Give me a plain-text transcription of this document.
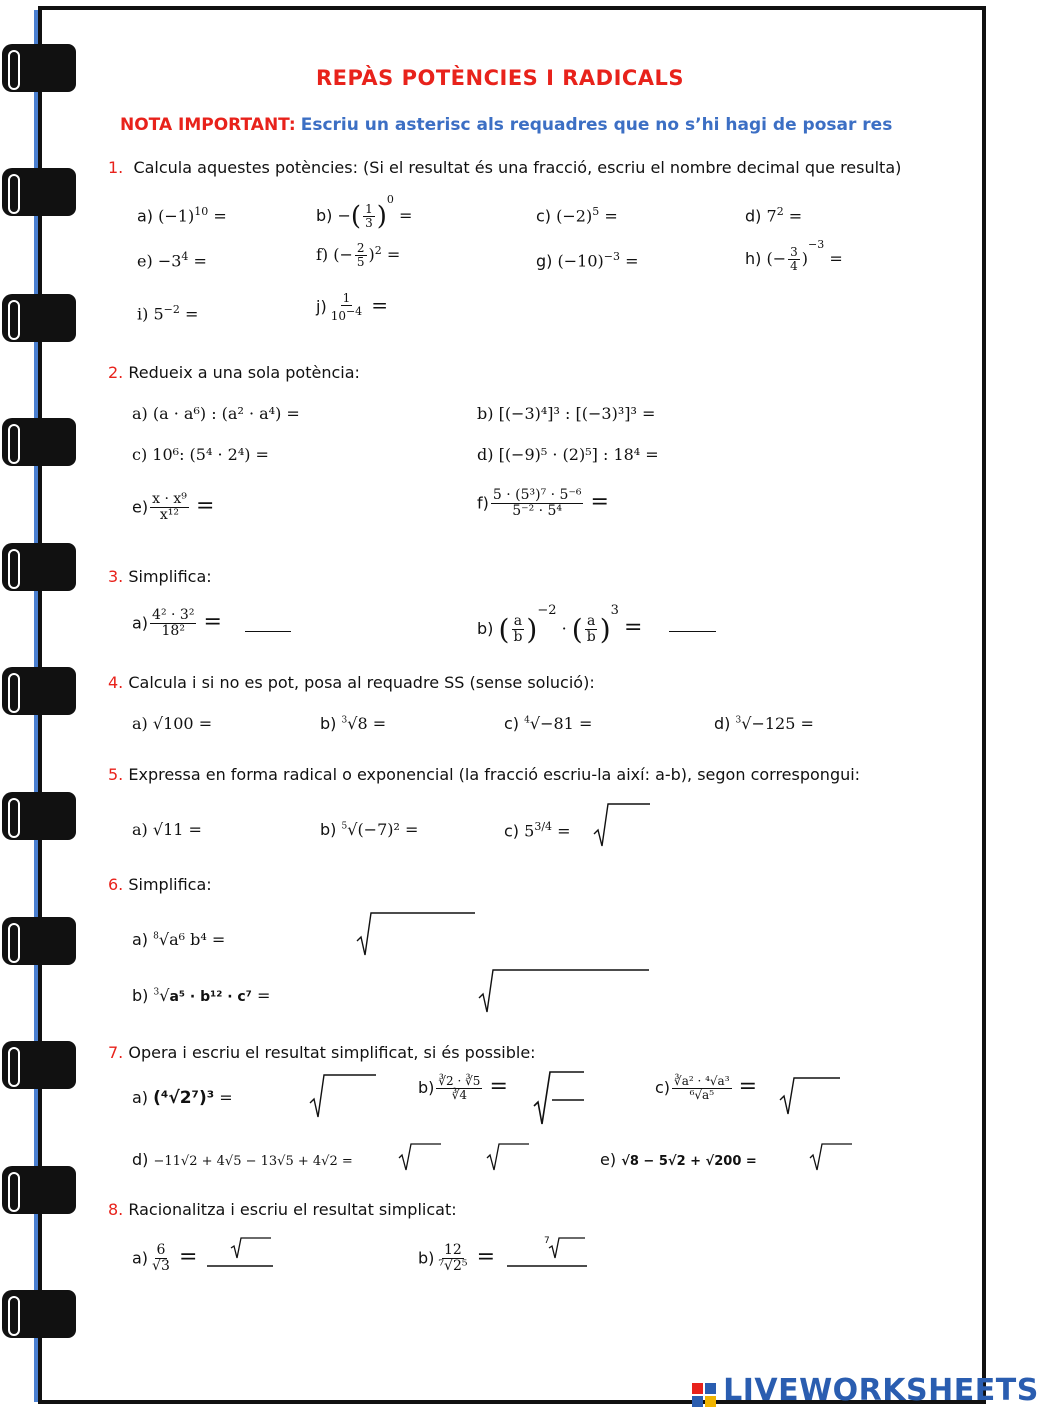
REPÀS POTÈNCIES I RADICALS
NOTA IMPORTANT: Escriu un asterisc als requadres que no s’hi hagi de posar res
1. Calcula aquestes potències: (Si el resultat és una fracció, escriu el nombre decimal que resulta)
a) $(-1)^{10}$ =	b) −( $\frac{1}{3} )^0$ =	c) $(-2)^5$ =	d) $7^2$ =
$e) -3^4$ =	f) (− $\frac{2}{5} )^2$ =	g) $(-10)^{-3}$ =	h) (− $\frac{3}{4} )^{-3}$ =
i) $5^{-2}$ =	$j) \frac{1}{10^{-4}}$ =
2. Redueix a una sola potència:
a) (a · a⁶) : (a² · a⁴) =	b) [(−3)⁴]³ : [(−3)³]³ =
c) 10⁶: (5⁴ · 2⁴) =	d) [(−9)⁵ · (2)⁵] : 18⁴ =
$e) \frac{\text{x · x⁹}}{\text{x¹²}}$ =	$f) \frac{\text{5 · (5³)⁷ · 5⁻⁶}}{\text{5⁻² · 5⁴}}$ =
3. Simplifica:
$a) \frac{\text{4² · 3²}}{\text{18²}}$ =	b) ( $\frac{a}{b} )^{-2}$ · ( $\frac{a}{b} )^3$ =
4. Calcula i si no es pot, posa al requadre SS (sense solució):
a) √100 =	b) $^3$√8 =	c) $^4$√−81 =	d) $^3$√−125 =
5. Expressa en forma radical o exponencial (la fracció escriu-la així: a-b), segon correspongui:
a) √11 =	b) $^5$√(−7)² =	c) $5^{3/4}$ =
6. Simplifica:
a) $^8$√a⁶ b⁴ =
b) $^3$√a⁵ · b¹² · c⁷ =
7. Opera i escriu el resultat simplificat, si és possible:
a) (⁴√2⁷)³ =
$b) \frac{∛2 \cdot ∛5}{∛4}$ =	$c) \frac{\text{∛a² · ⁴√a³}}{\text{⁶√a⁵}}$ =
d) −11√2 + 4√5 − 13√5 + 4√2 =	e) √8 − 5√2 + √200 =
8. Racionalitza i escriu el resultat simplicat:
$a) \frac{6}{√3}$ =	$b) \frac{12}{\text{⁷√2⁵}}$ =
7
LIVEWORKSHEETS
